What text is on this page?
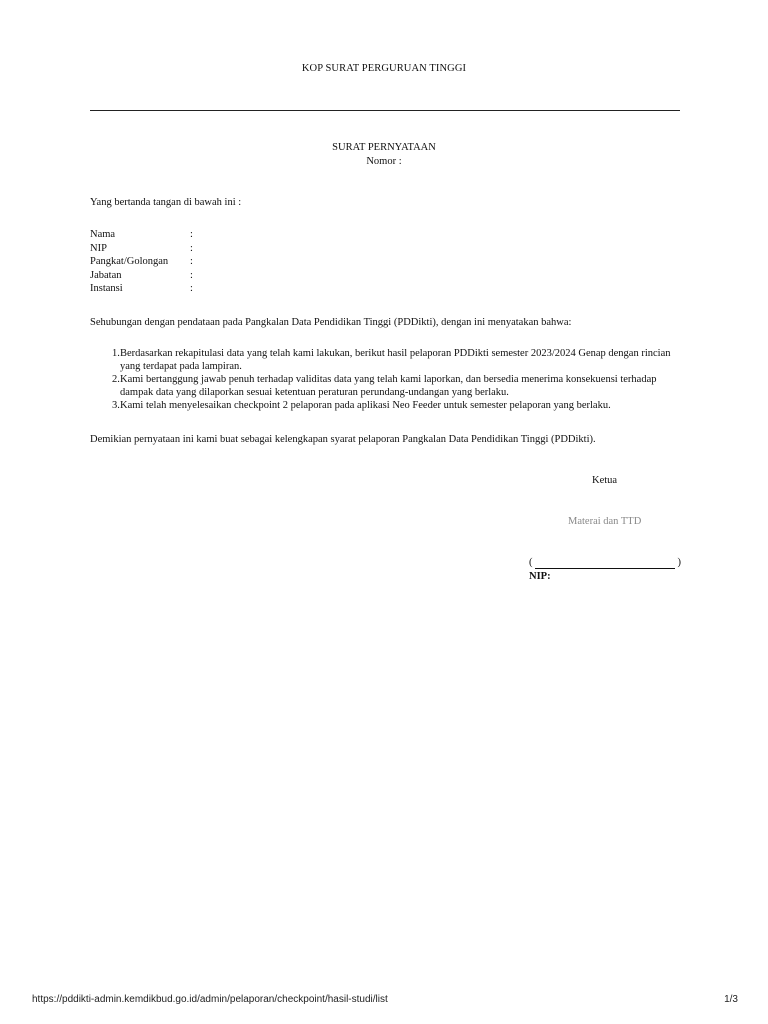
KOP SURAT PERGURUAN TINGGI
SURAT PERNYATAAN
Nomor :
Yang bertanda tangan di bawah ini :
Nama	:
NIP	:
Pangkat/Golongan	:
Jabatan	:
Instansi	:
Sehubungan dengan pendataan pada Pangkalan Data Pendidikan Tinggi (PDDikti), dengan ini menyatakan bahwa:
1. Berdasarkan rekapitulasi data yang telah kami lakukan, berikut hasil pelaporan PDDikti semester 2023/2024 Genap dengan rincian yang terdapat pada lampiran.
2. Kami bertanggung jawab penuh terhadap validitas data yang telah kami laporkan, dan bersedia menerima konsekuensi terhadap dampak data yang dilaporkan sesuai ketentuan peraturan perundang-undangan yang berlaku.
3. Kami telah menyelesaikan checkpoint 2 pelaporan pada aplikasi Neo Feeder untuk semester pelaporan yang berlaku.
Demikian pernyataan ini kami buat sebagai kelengkapan syarat pelaporan Pangkalan Data Pendidikan Tinggi (PDDikti).
Ketua
Materai dan TTD
(	)
NIP:
https://pddikti-admin.kemdikbud.go.id/admin/pelaporan/checkpoint/hasil-studi/list	1/3
